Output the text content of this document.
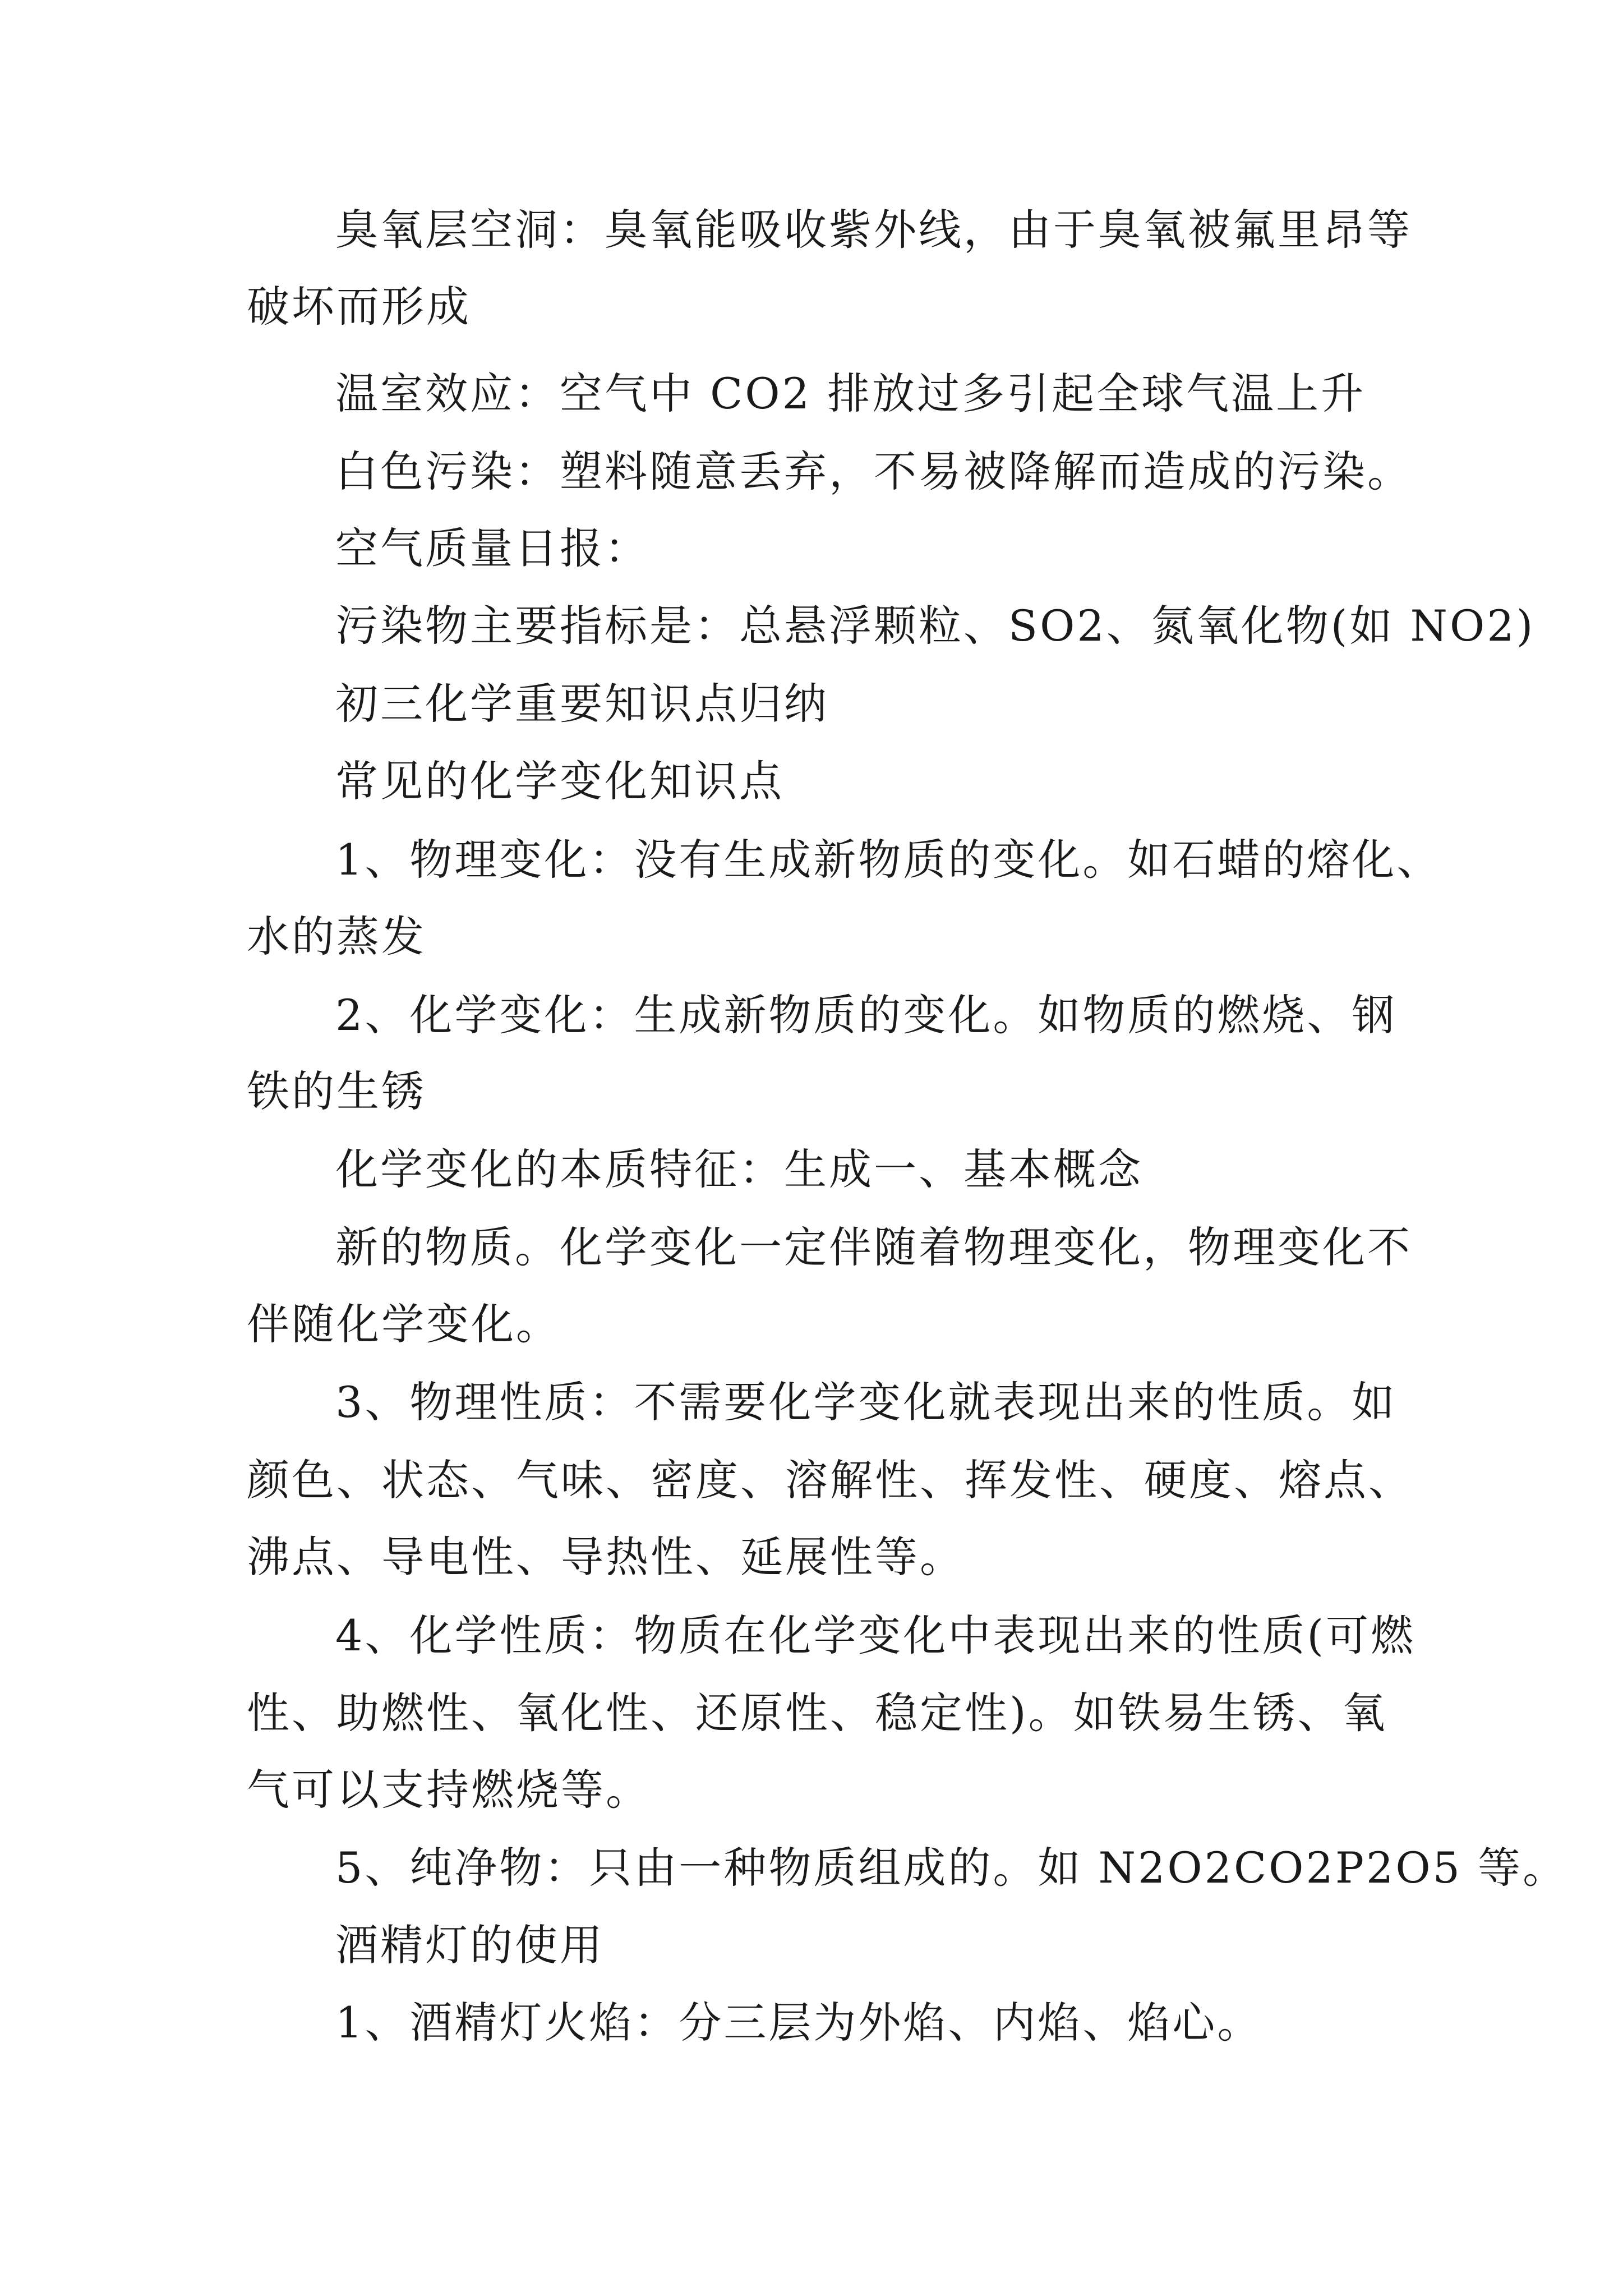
臭氧层空洞：臭氧能吸收紫外线，由于臭氧被氟里昂等
破坏而形成
温室效应：空气中 CO2 排放过多引起全球气温上升
白色污染：塑料随意丢弃，不易被降解而造成的污染。
空气质量日报：
污染物主要指标是：总悬浮颗粒、SO2、氮氧化物(如 NO2)
初三化学重要知识点归纳
常见的化学变化知识点
1、物理变化：没有生成新物质的变化。如石蜡的熔化、
水的蒸发
2、化学变化：生成新物质的变化。如物质的燃烧、钢
铁的生锈
化学变化的本质特征：生成一、基本概念
新的物质。化学变化一定伴随着物理变化，物理变化不
伴随化学变化。
3、物理性质：不需要化学变化就表现出来的性质。如
颜色、状态、气味、密度、溶解性、挥发性、硬度、熔点、
沸点、导电性、导热性、延展性等。
4、化学性质：物质在化学变化中表现出来的性质(可燃
性、助燃性、氧化性、还原性、稳定性)。如铁易生锈、氧
气可以支持燃烧等。
5、纯净物：只由一种物质组成的。如 N2O2CO2P2O5 等。
酒精灯的使用
1、酒精灯火焰：分三层为外焰、内焰、焰心。
